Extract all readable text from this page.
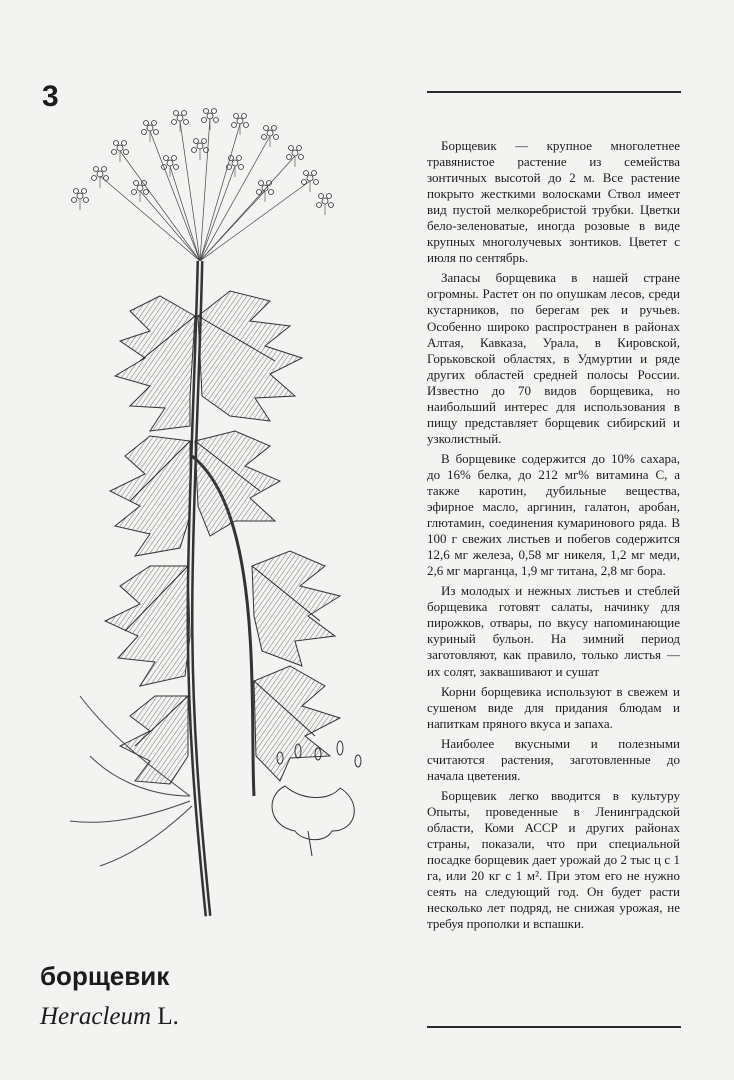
3
борщевик
Heracleum L.

Борщевик — крупное многолетнее травянистое растение из семейства зонтичных высотой до 2 м. Все растение покрыто жесткими волосками Ствол имеет вид пустой мелкоребристой трубки. Цветки бело-зеленоватые, иногда розовые в виде крупных многолучевых зонтиков. Цветет с июля по сентябрь.

Запасы борщевика в нашей стране огромны. Растет он по опушкам лесов, среди кустарников, по берегам рек и ручьев. Особенно широко распространен в районах Алтая, Кавказа, Урала, в Кировской, Горьковской областях, в Удмуртии и ряде других областей средней полосы России. Известно до 70 видов борщевика, но наибольший интерес для использования в пищу представляет борщевик сибирский и узколистный.

В борщевике содержится до 10% сахара, до 16% белка, до 212 мг% витамина С, а также каротин, дубильные вещества, эфирное масло, аргинин, галатон, аробан, глютамин, соединения кумаринового ряда. В 100 г свежих листьев и побегов содержится 12,6 мг железа, 0,58 мг никеля, 1,2 мг меди, 2,6 мг марганца, 1,9 мг титана, 2,8 мг бора.

Из молодых и нежных листьев и стеблей борщевика готовят салаты, начинку для пирожков, отвары, по вкусу напоминающие куриный бульон. На зимний период заготовляют, как правило, только листья — их солят, заквашивают и сушат

Корни борщевика используют в свежем и сушеном виде для придания блюдам и напиткам пряного вкуса и запаха.

Наиболее вкусными и полезными считаются растения, заготовленные до начала цветения.

Борщевик легко вводится в культуру Опыты, проведенные в Ленинградской области, Коми АССР и других районах страны, показали, что при специальной посадке борщевик дает урожай до 2 тыс ц с 1 га, или 20 кг с 1 м². При этом его не нужно сеять на следующий год. Он будет расти несколько лет подряд, не снижая урожая, не требуя прополки и вспашки.
